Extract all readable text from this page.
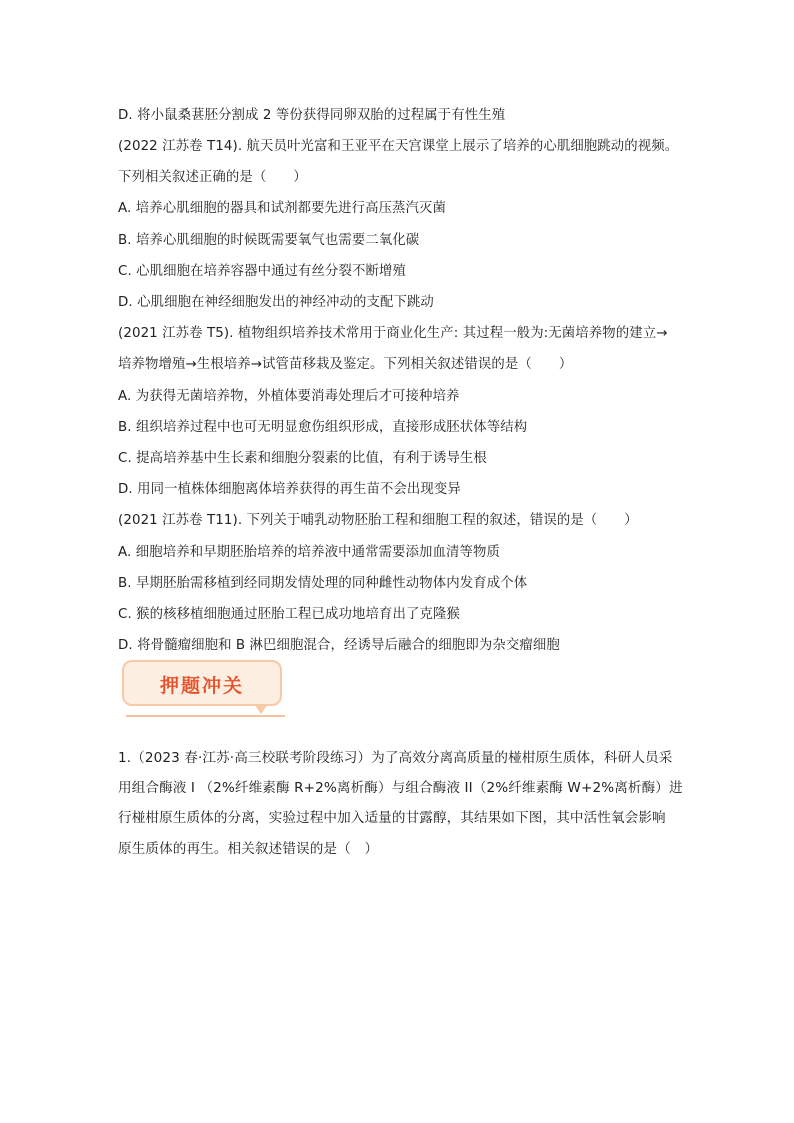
D. 将小鼠桑葚胚分割成 2 等份获得同卵双胎的过程属于有性生殖
(2022 江苏卷 T14). 航天员叶光富和王亚平在天宫课堂上展示了培养的心肌细胞跳动的视频。
下列相关叙述正确的是（　　）
A. 培养心肌细胞的器具和试剂都要先进行高压蒸汽灭菌
B. 培养心肌细胞的时候既需要氧气也需要二氧化碳
C. 心肌细胞在培养容器中通过有丝分裂不断增殖
D. 心肌细胞在神经细胞发出的神经冲动的支配下跳动
(2021 江苏卷 T5). 植物组织培养技术常用于商业化生产: 其过程一般为:无菌培养物的建立→
培养物增殖→生根培养→试管苗移栽及鉴定。下列相关叙述错误的是（　　）
A. 为获得无菌培养物，外植体要消毒处理后才可接种培养
B. 组织培养过程中也可无明显愈伤组织形成，直接形成胚状体等结构
C. 提高培养基中生长素和细胞分裂素的比值，有利于诱导生根
D. 用同一植株体细胞离体培养获得的再生苗不会出现变异
(2021 江苏卷 T11). 下列关于哺乳动物胚胎工程和细胞工程的叙述，错误的是（　　）
A. 细胞培养和早期胚胎培养的培养液中通常需要添加血清等物质
B. 早期胚胎需移植到经同期发情处理的同种雌性动物体内发育成个体
C. 猴的核移植细胞通过胚胎工程已成功地培育出了克隆猴
D. 将骨髓瘤细胞和 B 淋巴细胞混合，经诱导后融合的细胞即为杂交瘤细胞
押题冲关
1.（2023 春·江苏·高三校联考阶段练习）为了高效分离高质量的椪柑原生质体，科研人员采
用组合酶液 I （2%纤维素酶 R+2%离析酶）与组合酶液 II（2%纤维素酶 W+2%离析酶）进
行椪柑原生质体的分离，实验过程中加入适量的甘露醇，其结果如下图，其中活性氧会影响
原生质体的再生。相关叙述错误的是（　）
